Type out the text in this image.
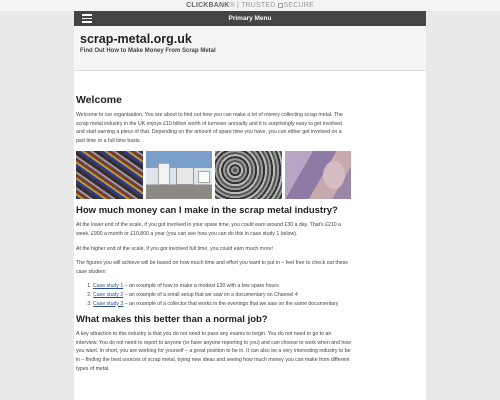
CLICKBANK® | TRUSTED SECURE
Primary Menu
scrap-metal.org.uk
Find Out How to Make Money From Scrap Metal
Welcome

Welcome to our organisation. You are about to find out how you can make a lot of money collecting scrap metal. The scrap metal industry in the UK enjoys £10 billion worth of turnover annually and it is surprisingly easy to get involved and start earning a piece of that. Depending on the amount of spare time you have, you can either get involved on a part time or a full time basis.

How much money can I make in the scrap metal industry?

At the lower end of the scale, if you got involved in your spare time, you could earn around £30 a day. That's £210 a week, £900 a month or £10,800 a year (you can see how you can do this in case study 1 below).

At the higher end of the scale, if you got involved full time, you could earn much more!

The figures you will achieve will be based on how much time and effort you want to put in – feel free to check out these case studies:

1. Case study 1 – an example of how to make a modest £30 with a few spare hours
2. Case study 2 – an example of a small setup that we saw on a documentary on Channel 4
3. Case study 3 – an example of a collector that works in the evenings that we saw on the same documentary
What makes this better than a normal job?

A key attraction to this industry is that you do not need to pass any exams to begin. You do not need to go to an interview. You do not need to report to anyone (or have anyone reporting to you) and can choose to work when and how you want. In short, you are working for yourself – a great position to be in. It can also be a very interesting industry to be in – finding the best sources of scrap metal, trying new ideas and seeing how much money you can make from different types of metal.
